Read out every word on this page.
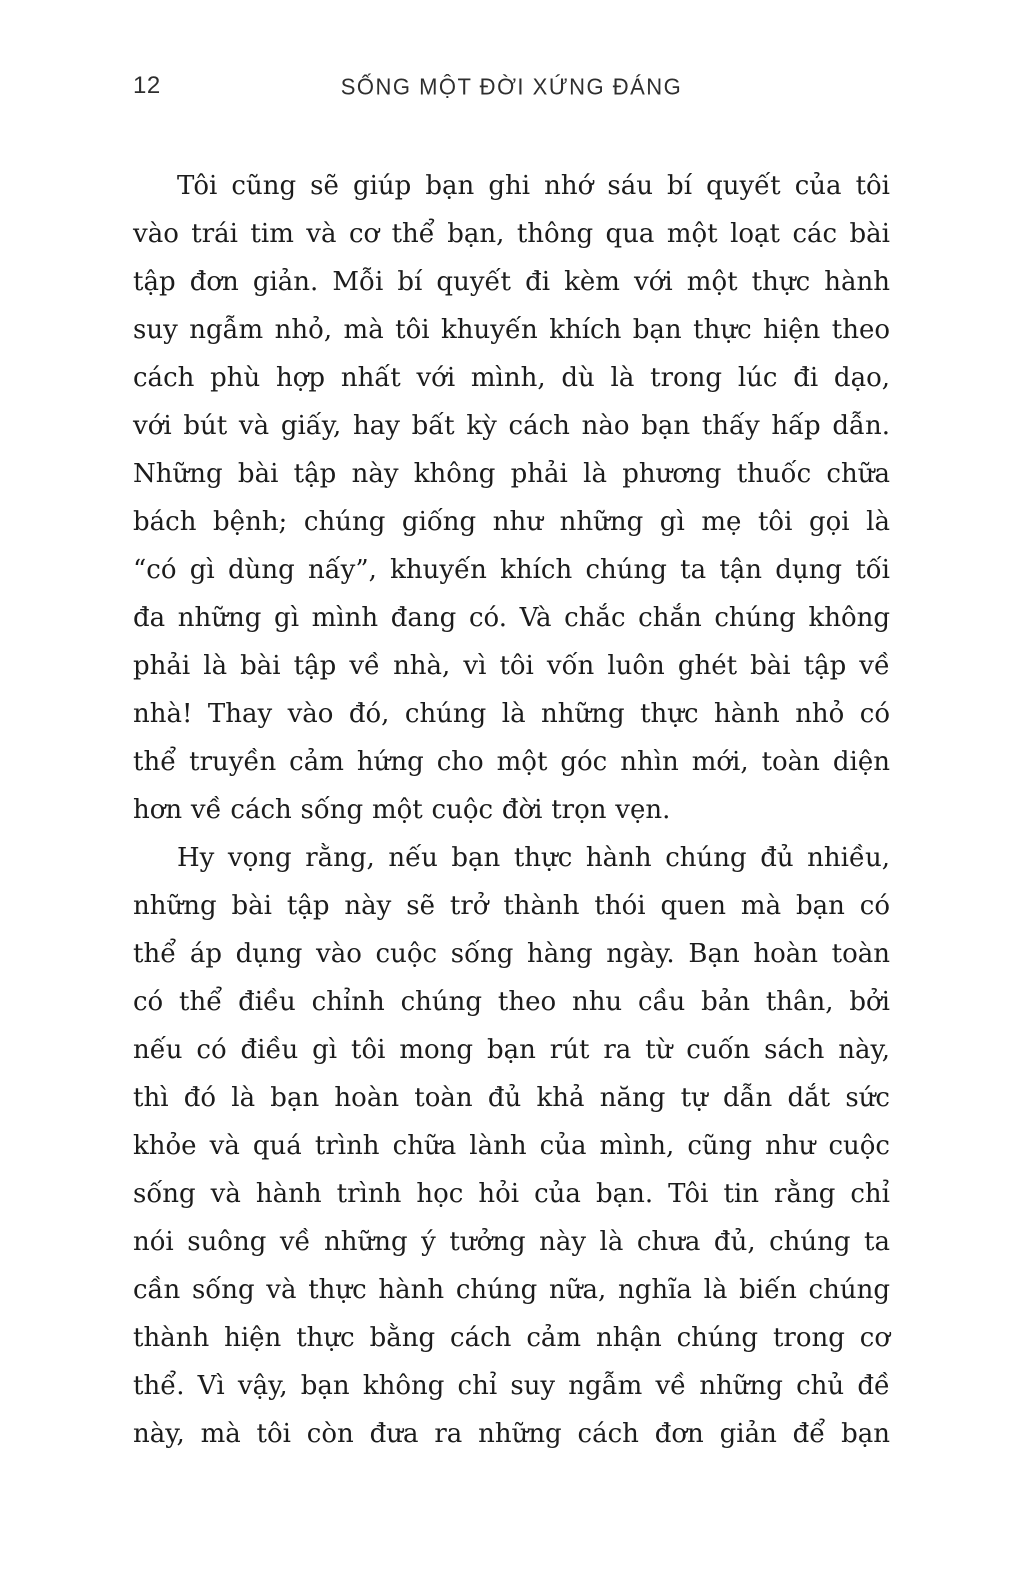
12	SỐNG MỘT ĐỜI XỨNG ĐÁNG
Tôi cũng sẽ giúp bạn ghi nhớ sáu bí quyết của tôi
vào trái tim và cơ thể bạn, thông qua một loạt các bài
tập đơn giản. Mỗi bí quyết đi kèm với một thực hành
suy ngẫm nhỏ, mà tôi khuyến khích bạn thực hiện theo
cách phù hợp nhất với mình, dù là trong lúc đi dạo,
với bút và giấy, hay bất kỳ cách nào bạn thấy hấp dẫn.
Những bài tập này không phải là phương thuốc chữa
bách bệnh; chúng giống như những gì mẹ tôi gọi là
“có gì dùng nấy”, khuyến khích chúng ta tận dụng tối
đa những gì mình đang có. Và chắc chắn chúng không
phải là bài tập về nhà, vì tôi vốn luôn ghét bài tập về
nhà! Thay vào đó, chúng là những thực hành nhỏ có
thể truyền cảm hứng cho một góc nhìn mới, toàn diện
hơn về cách sống một cuộc đời trọn vẹn.
Hy vọng rằng, nếu bạn thực hành chúng đủ nhiều,
những bài tập này sẽ trở thành thói quen mà bạn có
thể áp dụng vào cuộc sống hàng ngày. Bạn hoàn toàn
có thể điều chỉnh chúng theo nhu cầu bản thân, bởi
nếu có điều gì tôi mong bạn rút ra từ cuốn sách này,
thì đó là bạn hoàn toàn đủ khả năng tự dẫn dắt sức
khỏe và quá trình chữa lành của mình, cũng như cuộc
sống và hành trình học hỏi của bạn. Tôi tin rằng chỉ
nói suông về những ý tưởng này là chưa đủ, chúng ta
cần sống và thực hành chúng nữa, nghĩa là biến chúng
thành hiện thực bằng cách cảm nhận chúng trong cơ
thể. Vì vậy, bạn không chỉ suy ngẫm về những chủ đề
này, mà tôi còn đưa ra những cách đơn giản để bạn
